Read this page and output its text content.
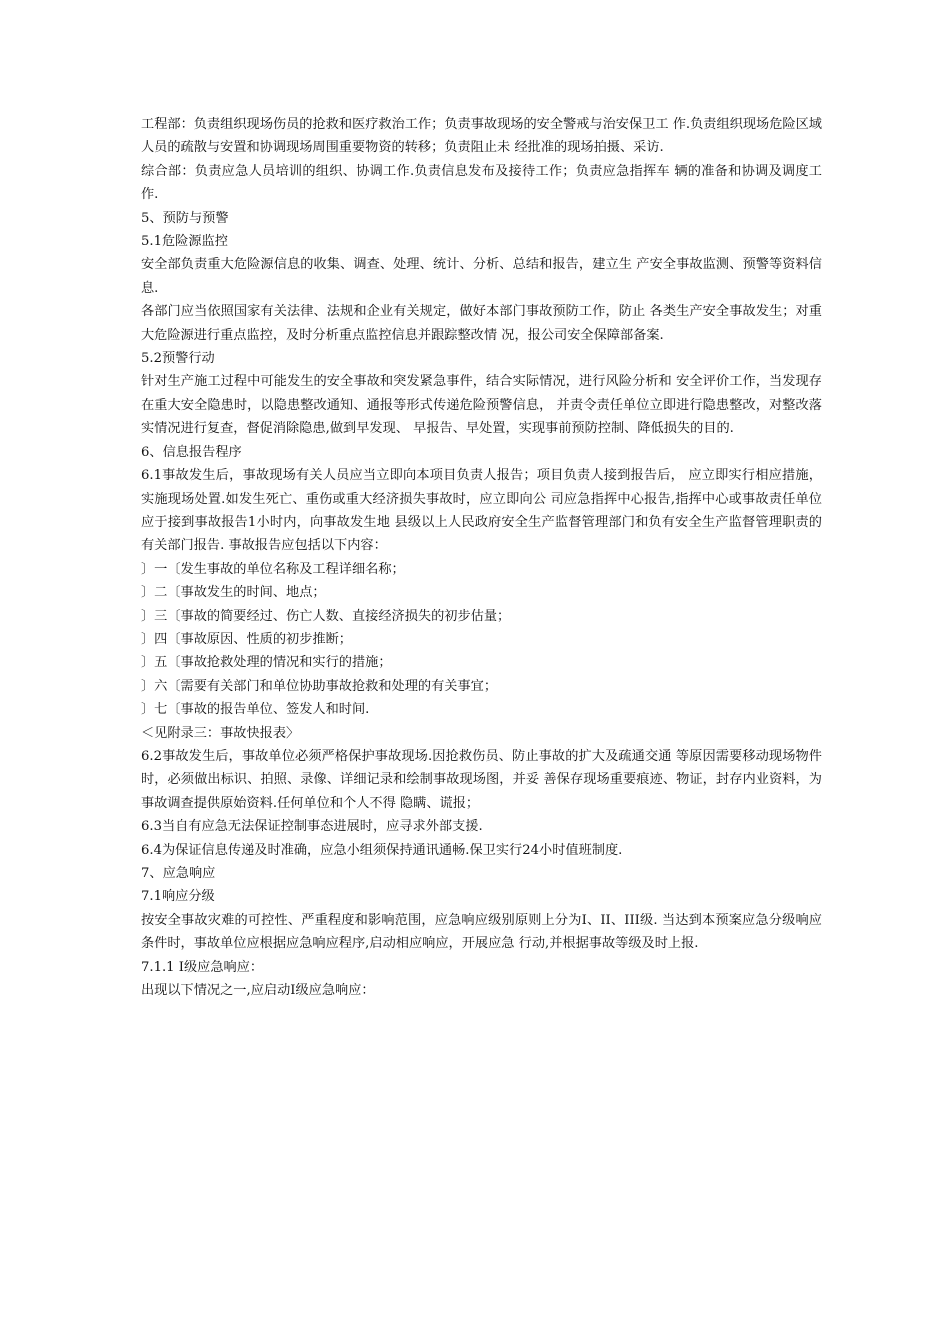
工程部：负责组织现场伤员的抢救和医疗救治工作；负责事故现场的安全警戒与治安保卫工 作.负责组织现场危险区域人员的疏散与安置和协调现场周围重要物资的转移；负责阻止未 经批准的现场拍摄、采访.

综合部：负责应急人员培训的组织、协调工作.负责信息发布及接待工作；负责应急指挥车 辆的准备和协调及调度工作.

5、预防与预警

5.1危险源监控

安全部负责重大危险源信息的收集、调查、处理、统计、分析、总结和报告，建立生 产安全事故监测、预警等资料信息.

各部门应当依照国家有关法律、法规和企业有关规定，做好本部门事故预防工作，防止 各类生产安全事故发生；对重大危险源进行重点监控，及时分析重点监控信息并跟踪整改情 况，报公司安全保障部备案.

5.2预警行动

针对生产施工过程中可能发生的安全事故和突发紧急事件，结合实际情况，进行风险分析和 安全评价工作，当发现存在重大安全隐患时，以隐患整改通知、通报等形式传递危险预警信息， 并责令责任单位立即进行隐患整改，对整改落实情况进行复查，督促消除隐患,做到早发现、 早报告、早处置，实现事前预防控制、降低损失的目的.

6、信息报告程序

6.1事故发生后，事故现场有关人员应当立即向本项目负责人报告；项目负责人接到报告后， 应立即实行相应措施，实施现场处置.如发生死亡、重伤或重大经济损失事故时，应立即向公 司应急指挥中心报告,指挥中心或事故责任单位应于接到事故报告1小时内，向事故发生地 县级以上人民政府安全生产监督管理部门和负有安全生产监督管理职责的有关部门报告. 事故报告应包括以下内容：

〕一〔发生事故的单位名称及工程详细名称；

〕二〔事故发生的时间、地点；

〕三〔事故的简要经过、伤亡人数、直接经济损失的初步估量；

〕四〔事故原因、性质的初步推断；

〕五〔事故抢救处理的情况和实行的措施；

〕六〔需要有关部门和单位协助事故抢救和处理的有关事宜；

〕七〔事故的报告单位、签发人和时间.

＜见附录三：事故快报表〉

6.2事故发生后，事故单位必须严格保护事故现场.因抢救伤员、防止事故的扩大及疏通交通 等原因需要移动现场物件时，必须做出标识、拍照、录像、详细记录和绘制事故现场图，并妥 善保存现场重要痕迹、物证，封存内业资料，为事故调查提供原始资料.任何单位和个人不得 隐瞒、谎报；

6.3当自有应急无法保证控制事态进展时，应寻求外部支援.

6.4为保证信息传递及时准确，应急小组须保持通讯通畅.保卫实行24小时值班制度.

7、应急响应

7.1响应分级

按安全事故灾难的可控性、严重程度和影响范围，应急响应级别原则上分为I、II、III级. 当达到本预案应急分级响应条件时，事故单位应根据应急响应程序,启动相应响应，开展应急 行动,并根据事故等级及时上报.

7.1.1 I级应急响应：

出现以下情况之一,应启动I级应急响应：
